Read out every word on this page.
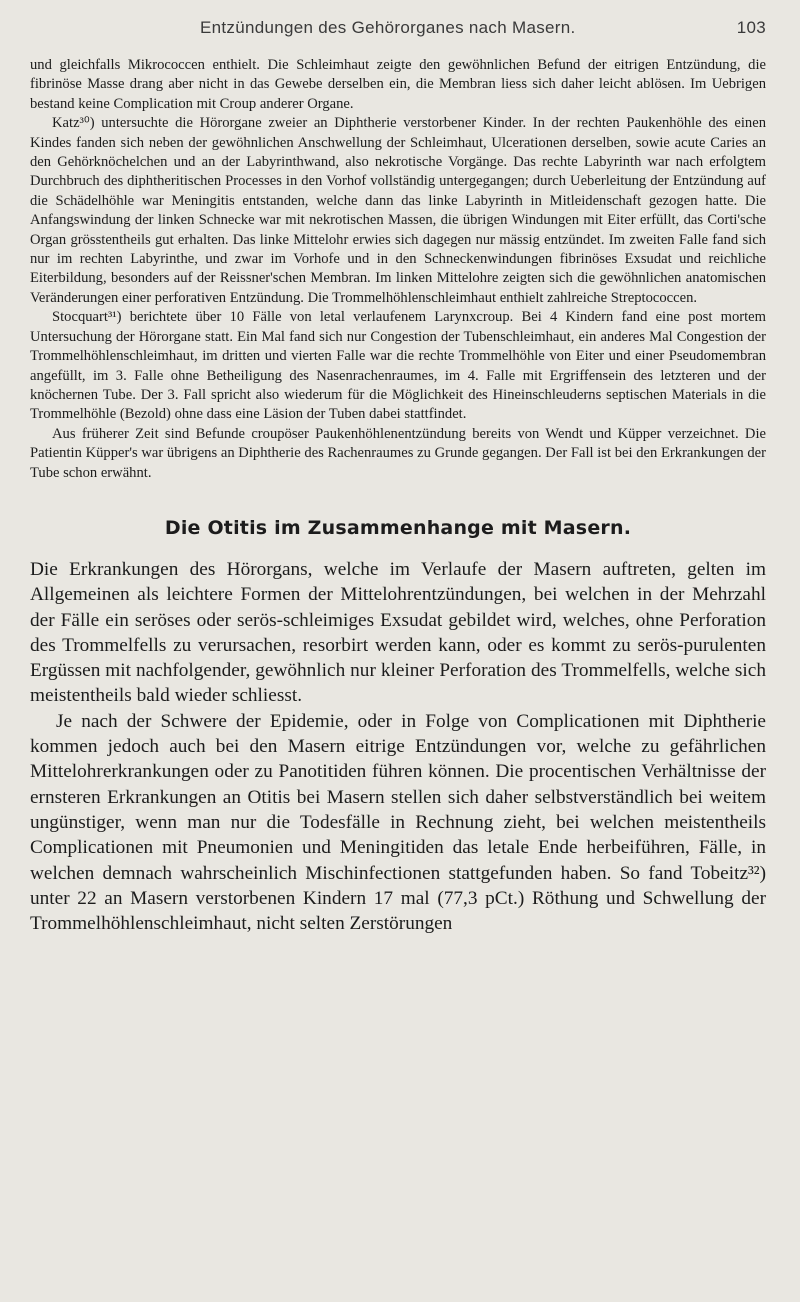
Entzündungen des Gehörorganes nach Masern.	103

und gleichfalls Mikrococcen enthielt. Die Schleimhaut zeigte den gewöhnlichen Befund der eitrigen Entzündung, die fibrinöse Masse drang aber nicht in das Gewebe derselben ein, die Membran liess sich daher leicht ablösen. Im Uebrigen bestand keine Complication mit Croup anderer Organe.

Katz³⁰) untersuchte die Hörorgane zweier an Diphtherie verstorbener Kinder. In der rechten Paukenhöhle des einen Kindes fanden sich neben der gewöhnlichen Anschwellung der Schleimhaut, Ulcerationen derselben, sowie acute Caries an den Gehörknöchelchen und an der Labyrinthwand, also nekrotische Vorgänge. Das rechte Labyrinth war nach erfolgtem Durchbruch des diphtheritischen Processes in den Vorhof vollständig untergegangen; durch Ueberleitung der Entzündung auf die Schädelhöhle war Meningitis entstanden, welche dann das linke Labyrinth in Mitleidenschaft gezogen hatte. Die Anfangswindung der linken Schnecke war mit nekrotischen Massen, die übrigen Windungen mit Eiter erfüllt, das Corti'sche Organ grösstentheils gut erhalten. Das linke Mittelohr erwies sich dagegen nur mässig entzündet. Im zweiten Falle fand sich nur im rechten Labyrinthe, und zwar im Vorhofe und in den Schneckenwindungen fibrinöses Exsudat und reichliche Eiterbildung, besonders auf der Reissner'schen Membran. Im linken Mittelohre zeigten sich die gewöhnlichen anatomischen Veränderungen einer perforativen Entzündung. Die Trommelhöhlenschleimhaut enthielt zahlreiche Streptococcen.

Stocquart³¹) berichtete über 10 Fälle von letal verlaufenem Larynxcroup. Bei 4 Kindern fand eine post mortem Untersuchung der Hörorgane statt. Ein Mal fand sich nur Congestion der Tubenschleimhaut, ein anderes Mal Congestion der Trommelhöhlenschleimhaut, im dritten und vierten Falle war die rechte Trommelhöhle von Eiter und einer Pseudomembran angefüllt, im 3. Falle ohne Betheiligung des Nasenrachenraumes, im 4. Falle mit Ergriffensein des letzteren und der knöchernen Tube. Der 3. Fall spricht also wiederum für die Möglichkeit des Hineinschleuderns septischen Materials in die Trommelhöhle (Bezold) ohne dass eine Läsion der Tuben dabei stattfindet.

Aus früherer Zeit sind Befunde croupöser Paukenhöhlenentzündung bereits von Wendt und Küpper verzeichnet. Die Patientin Küpper's war übrigens an Diphtherie des Rachenraumes zu Grunde gegangen. Der Fall ist bei den Erkrankungen der Tube schon erwähnt.

Die Otitis im Zusammenhange mit Masern.

Die Erkrankungen des Hörorgans, welche im Verlaufe der Masern auftreten, gelten im Allgemeinen als leichtere Formen der Mittelohrentzündungen, bei welchen in der Mehrzahl der Fälle ein seröses oder serös-schleimiges Exsudat gebildet wird, welches, ohne Perforation des Trommelfells zu verursachen, resorbirt werden kann, oder es kommt zu serös-purulenten Ergüssen mit nachfolgender, gewöhnlich nur kleiner Perforation des Trommelfells, welche sich meistentheils bald wieder schliesst.

Je nach der Schwere der Epidemie, oder in Folge von Complicationen mit Diphtherie kommen jedoch auch bei den Masern eitrige Entzündungen vor, welche zu gefährlichen Mittelohrerkrankungen oder zu Panotitiden führen können. Die procentischen Verhältnisse der ernsteren Erkrankungen an Otitis bei Masern stellen sich daher selbstverständlich bei weitem ungünstiger, wenn man nur die Todesfälle in Rechnung zieht, bei welchen meistentheils Complicationen mit Pneumonien und Meningitiden das letale Ende herbeiführen, Fälle, in welchen demnach wahrscheinlich Mischinfectionen stattgefunden haben. So fand Tobeitz³²) unter 22 an Masern verstorbenen Kindern 17 mal (77,3 pCt.) Röthung und Schwellung der Trommelhöhlenschleimhaut, nicht selten Zerstörungen
